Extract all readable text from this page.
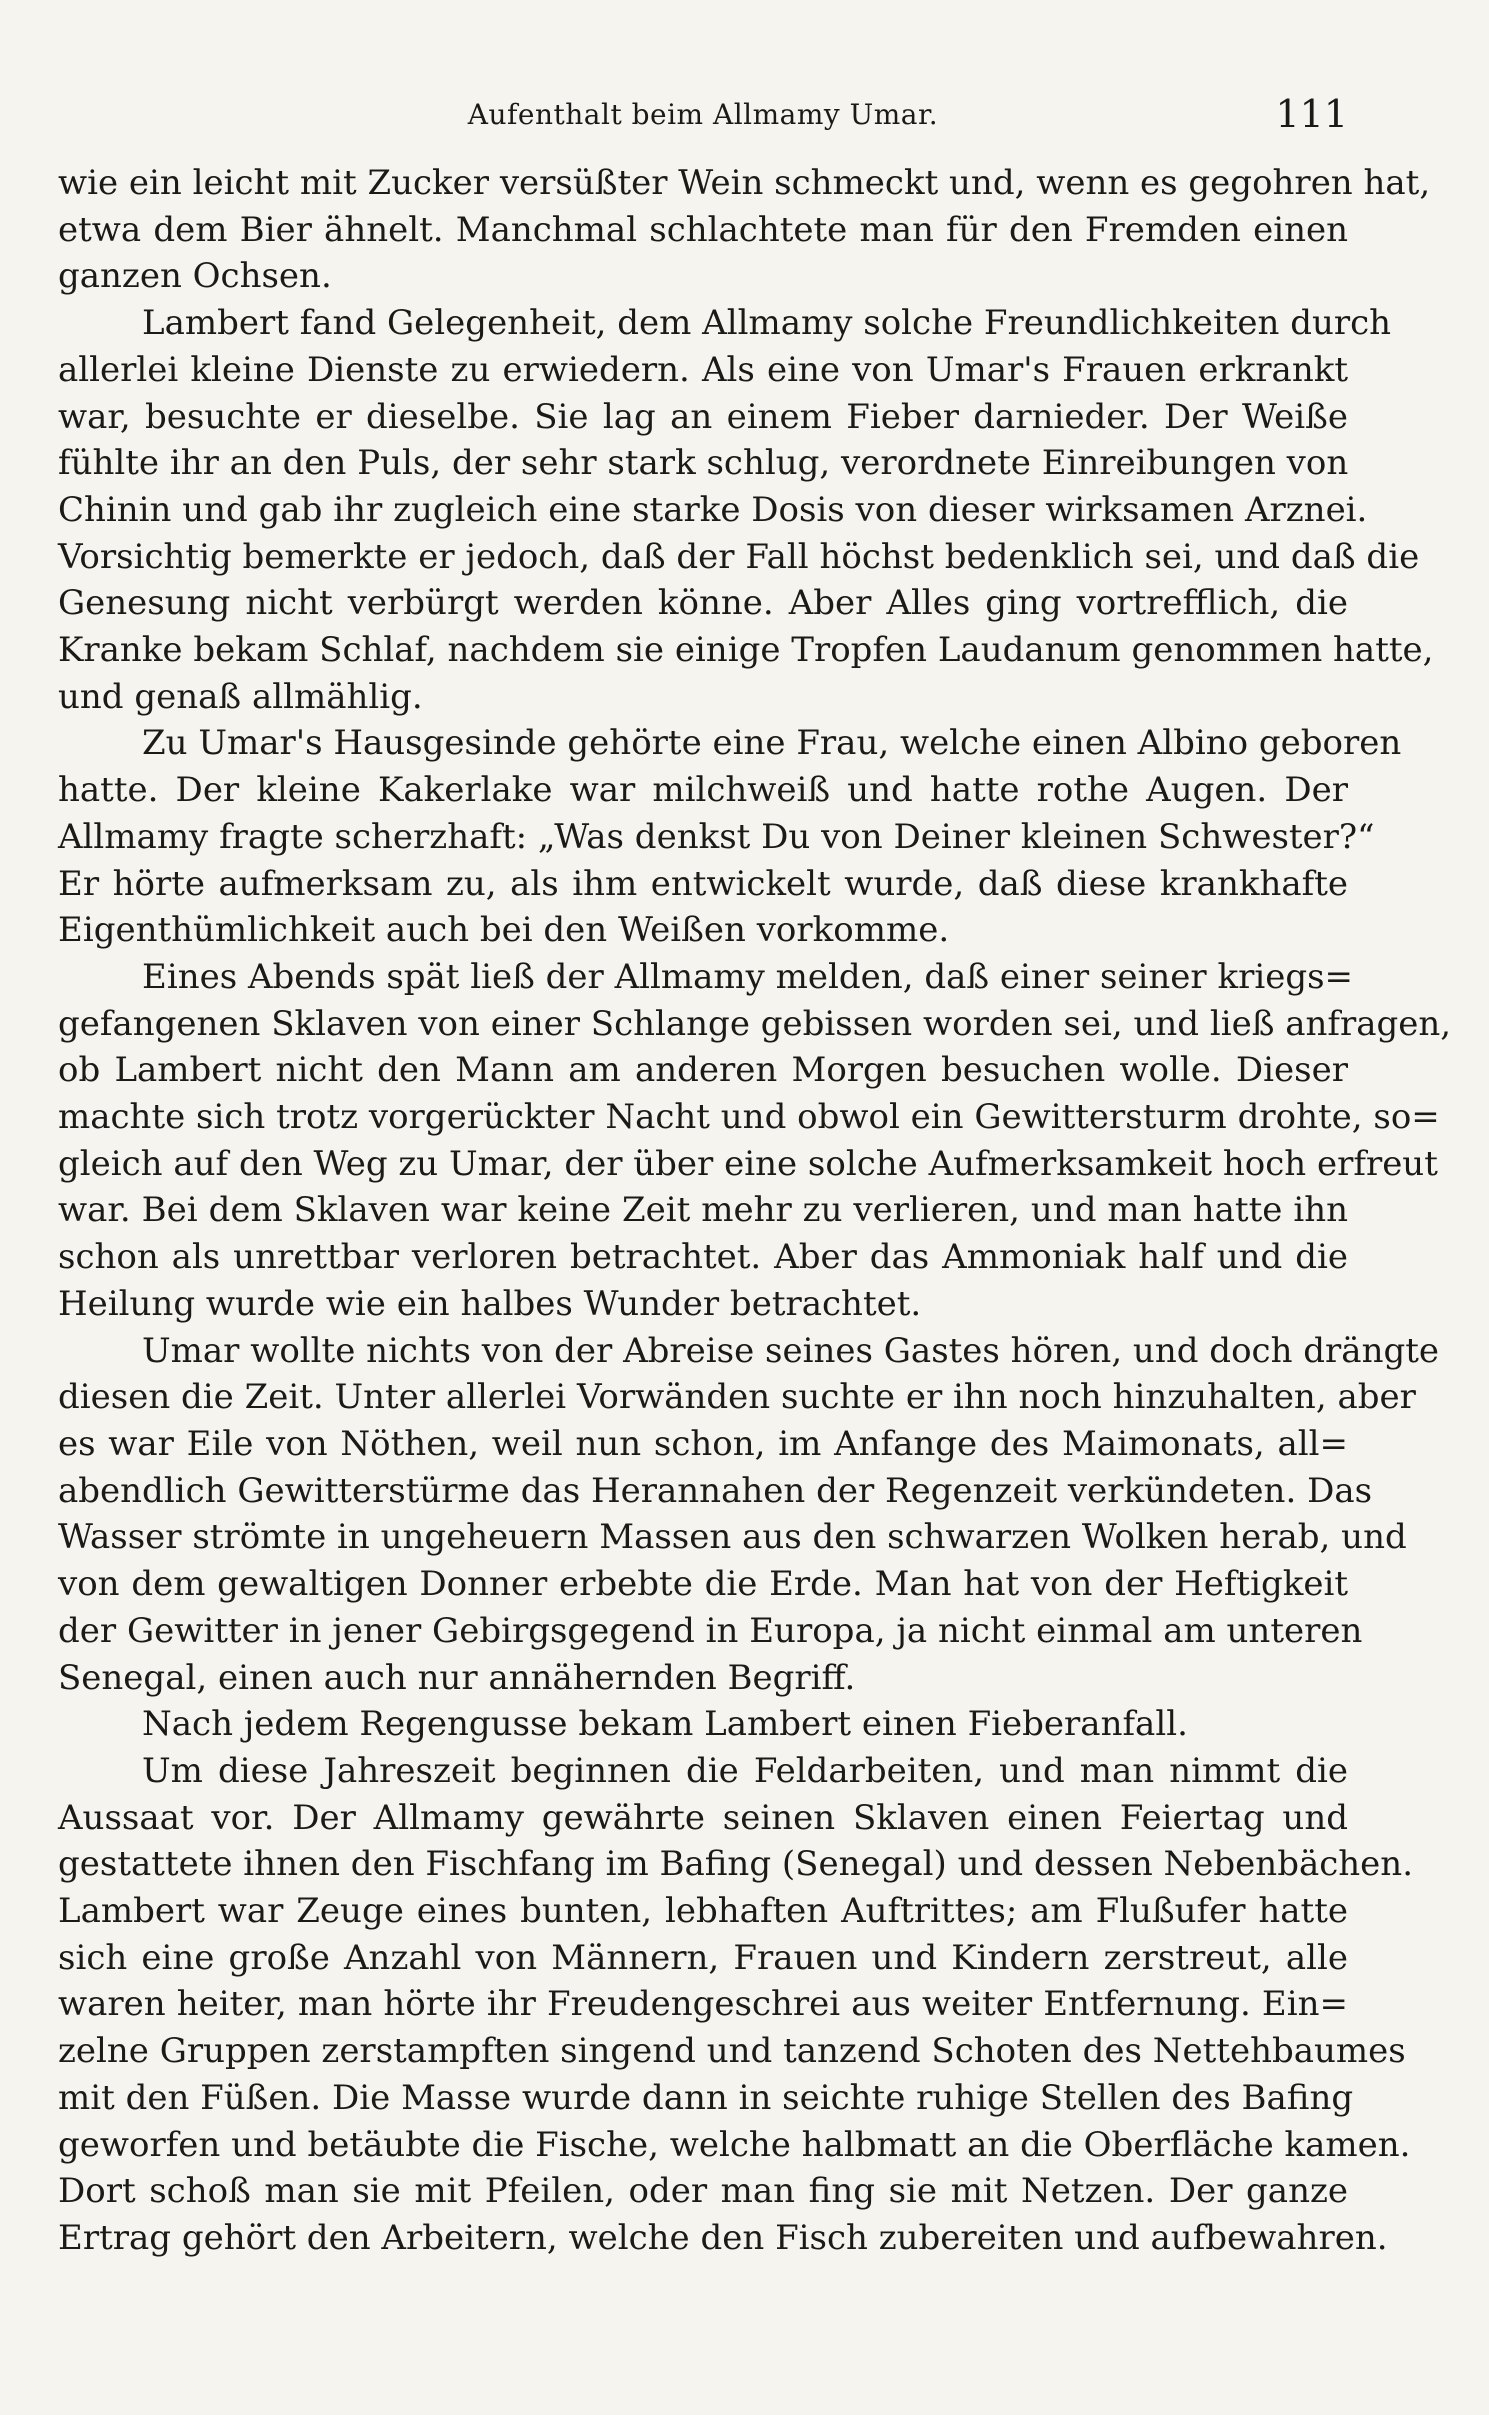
Aufenthalt beim Allmamy Umar.	111

wie ein leicht mit Zucker versüßter Wein schmeckt und, wenn es gegohren hat,
etwa dem Bier ähnelt. Manchmal schlachtete man für den Fremden einen
ganzen Ochsen.

Lambert fand Gelegenheit, dem Allmamy solche Freundlichkeiten durch
allerlei kleine Dienste zu erwiedern. Als eine von Umar's Frauen erkrankt
war, besuchte er dieselbe. Sie lag an einem Fieber darnieder. Der Weiße
fühlte ihr an den Puls, der sehr stark schlug, verordnete Einreibungen von
Chinin und gab ihr zugleich eine starke Dosis von dieser wirksamen Arznei.
Vorsichtig bemerkte er jedoch, daß der Fall höchst bedenklich sei, und daß die
Genesung nicht verbürgt werden könne. Aber Alles ging vortrefflich, die
Kranke bekam Schlaf, nachdem sie einige Tropfen Laudanum genommen hatte,
und genaß allmählig.

Zu Umar's Hausgesinde gehörte eine Frau, welche einen Albino geboren
hatte. Der kleine Kakerlake war milchweiß und hatte rothe Augen. Der
Allmamy fragte scherzhaft: „Was denkst Du von Deiner kleinen Schwester?“
Er hörte aufmerksam zu, als ihm entwickelt wurde, daß diese krankhafte
Eigenthümlichkeit auch bei den Weißen vorkomme.

Eines Abends spät ließ der Allmamy melden, daß einer seiner kriegs=
gefangenen Sklaven von einer Schlange gebissen worden sei, und ließ anfragen,
ob Lambert nicht den Mann am anderen Morgen besuchen wolle. Dieser
machte sich trotz vorgerückter Nacht und obwol ein Gewittersturm drohte, so=
gleich auf den Weg zu Umar, der über eine solche Aufmerksamkeit hoch erfreut
war. Bei dem Sklaven war keine Zeit mehr zu verlieren, und man hatte ihn
schon als unrettbar verloren betrachtet. Aber das Ammoniak half und die
Heilung wurde wie ein halbes Wunder betrachtet.

Umar wollte nichts von der Abreise seines Gastes hören, und doch drängte
diesen die Zeit. Unter allerlei Vorwänden suchte er ihn noch hinzuhalten, aber
es war Eile von Nöthen, weil nun schon, im Anfange des Maimonats, all=
abendlich Gewitterstürme das Herannahen der Regenzeit verkündeten. Das
Wasser strömte in ungeheuern Massen aus den schwarzen Wolken herab, und
von dem gewaltigen Donner erbebte die Erde. Man hat von der Heftigkeit
der Gewitter in jener Gebirgsgegend in Europa, ja nicht einmal am unteren
Senegal, einen auch nur annähernden Begriff.

Nach jedem Regengusse bekam Lambert einen Fieberanfall.

Um diese Jahreszeit beginnen die Feldarbeiten, und man nimmt die
Aussaat vor. Der Allmamy gewährte seinen Sklaven einen Feiertag und
gestattete ihnen den Fischfang im Bafing (Senegal) und dessen Nebenbächen.
Lambert war Zeuge eines bunten, lebhaften Auftrittes; am Flußufer hatte
sich eine große Anzahl von Männern, Frauen und Kindern zerstreut, alle
waren heiter, man hörte ihr Freudengeschrei aus weiter Entfernung. Ein=
zelne Gruppen zerstampften singend und tanzend Schoten des Nettehbaumes
mit den Füßen. Die Masse wurde dann in seichte ruhige Stellen des Bafing
geworfen und betäubte die Fische, welche halbmatt an die Oberfläche kamen.
Dort schoß man sie mit Pfeilen, oder man fing sie mit Netzen. Der ganze
Ertrag gehört den Arbeitern, welche den Fisch zubereiten und aufbewahren.
